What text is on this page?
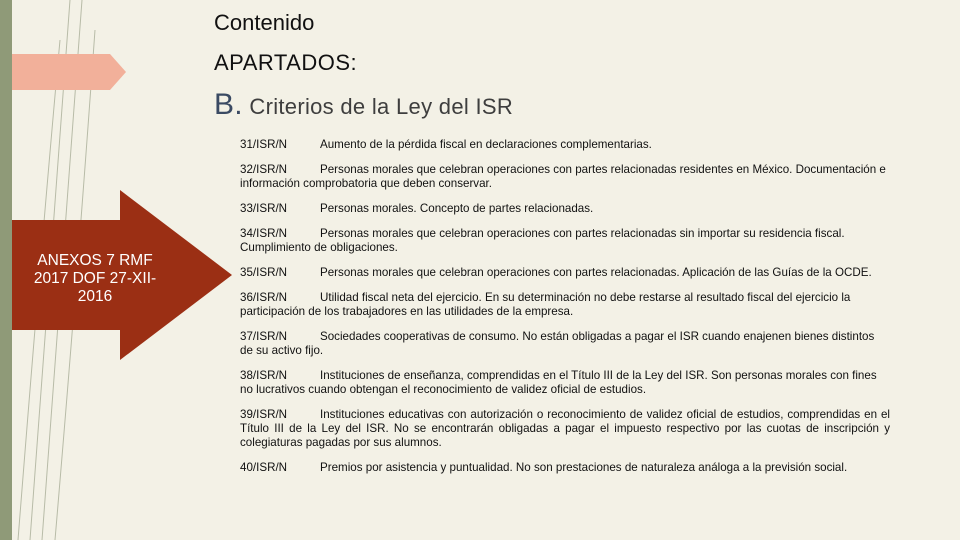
Contenido
APARTADOS:
B. Criterios de la Ley del ISR
ANEXOS 7 RMF 2017 DOF 27-XII-2016

31/ISR/N	Aumento de la pérdida fiscal en declaraciones complementarias.

32/ISR/N	Personas morales que celebran operaciones con partes relacionadas residentes en México. Documentación e información comprobatoria que deben conservar.

33/ISR/N	Personas morales. Concepto de partes relacionadas.

34/ISR/N	Personas morales que celebran operaciones con partes relacionadas sin importar su residencia fiscal. Cumplimiento de obligaciones.

35/ISR/N	Personas morales que celebran operaciones con partes relacionadas. Aplicación de las Guías de la OCDE.

36/ISR/N	Utilidad fiscal neta del ejercicio. En su determinación no debe restarse al resultado fiscal del ejercicio la participación de los trabajadores en las utilidades de la empresa.

37/ISR/N	Sociedades cooperativas de consumo. No están obligadas a pagar el ISR cuando enajenen bienes distintos de su activo fijo.

38/ISR/N	Instituciones de enseñanza, comprendidas en el Título III de la Ley del ISR. Son personas morales con fines no lucrativos cuando obtengan el reconocimiento de validez oficial de estudios.

39/ISR/N	Instituciones educativas con autorización o reconocimiento de validez oficial de estudios, comprendidas en el Título III de la Ley del ISR. No se encontrarán obligadas a pagar el impuesto respectivo por las cuotas de inscripción y colegiaturas pagadas por sus alumnos.

40/ISR/N	Premios por asistencia y puntualidad. No son prestaciones de naturaleza análoga a la previsión social.
